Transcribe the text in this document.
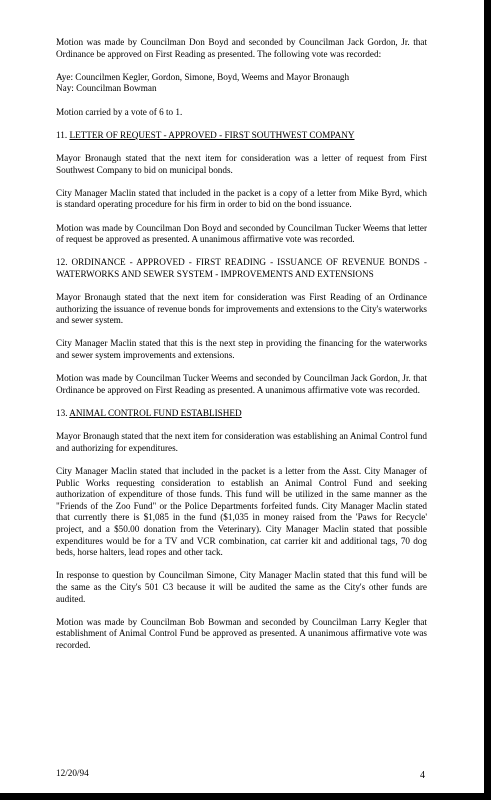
Motion was made by Councilman Don Boyd and seconded by Councilman Jack Gordon, Jr. that Ordinance be approved on First Reading as presented. The following vote was recorded:

Aye: Councilmen Kegler, Gordon, Simone, Boyd, Weems and Mayor Bronaugh
Nay: Councilman Bowman

Motion carried by a vote of 6 to 1.

11. LETTER OF REQUEST - APPROVED - FIRST SOUTHWEST COMPANY

Mayor Bronaugh stated that the next item for consideration was a letter of request from First Southwest Company to bid on municipal bonds.

City Manager Maclin stated that included in the packet is a copy of a letter from Mike Byrd, which is standard operating procedure for his firm in order to bid on the bond issuance.

Motion was made by Councilman Don Boyd and seconded by Councilman Tucker Weems that letter of request be approved as presented. A unanimous affirmative vote was recorded.

12. ORDINANCE - APPROVED - FIRST READING - ISSUANCE OF REVENUE BONDS - WATERWORKS AND SEWER SYSTEM - IMPROVEMENTS AND EXTENSIONS

Mayor Bronaugh stated that the next item for consideration was First Reading of an Ordinance authorizing the issuance of revenue bonds for improvements and extensions to the City's waterworks and sewer system.

City Manager Maclin stated that this is the next step in providing the financing for the waterworks and sewer system improvements and extensions.

Motion was made by Councilman Tucker Weems and seconded by Councilman Jack Gordon, Jr. that Ordinance be approved on First Reading as presented. A unanimous affirmative vote was recorded.

13. ANIMAL CONTROL FUND ESTABLISHED

Mayor Bronaugh stated that the next item for consideration was establishing an Animal Control fund and authorizing for expenditures.

City Manager Maclin stated that included in the packet is a letter from the Asst. City Manager of Public Works requesting consideration to establish an Animal Control Fund and seeking authorization of expenditure of those funds. This fund will be utilized in the same manner as the "Friends of the Zoo Fund" or the Police Departments forfeited funds. City Manager Maclin stated that currently there is $1,085 in the fund ($1,035 in money raised from the 'Paws for Recycle' project, and a $50.00 donation from the Veterinary). City Manager Maclin stated that possible expenditures would be for a TV and VCR combination, cat carrier kit and additional tags, 70 dog beds, horse halters, lead ropes and other tack.

In response to question by Councilman Simone, City Manager Maclin stated that this fund will be the same as the City's 501 C3 because it will be audited the same as the City's other funds are audited.

Motion was made by Councilman Bob Bowman and seconded by Councilman Larry Kegler that establishment of Animal Control Fund be approved as presented. A unanimous affirmative vote was recorded.

12/20/94	4
